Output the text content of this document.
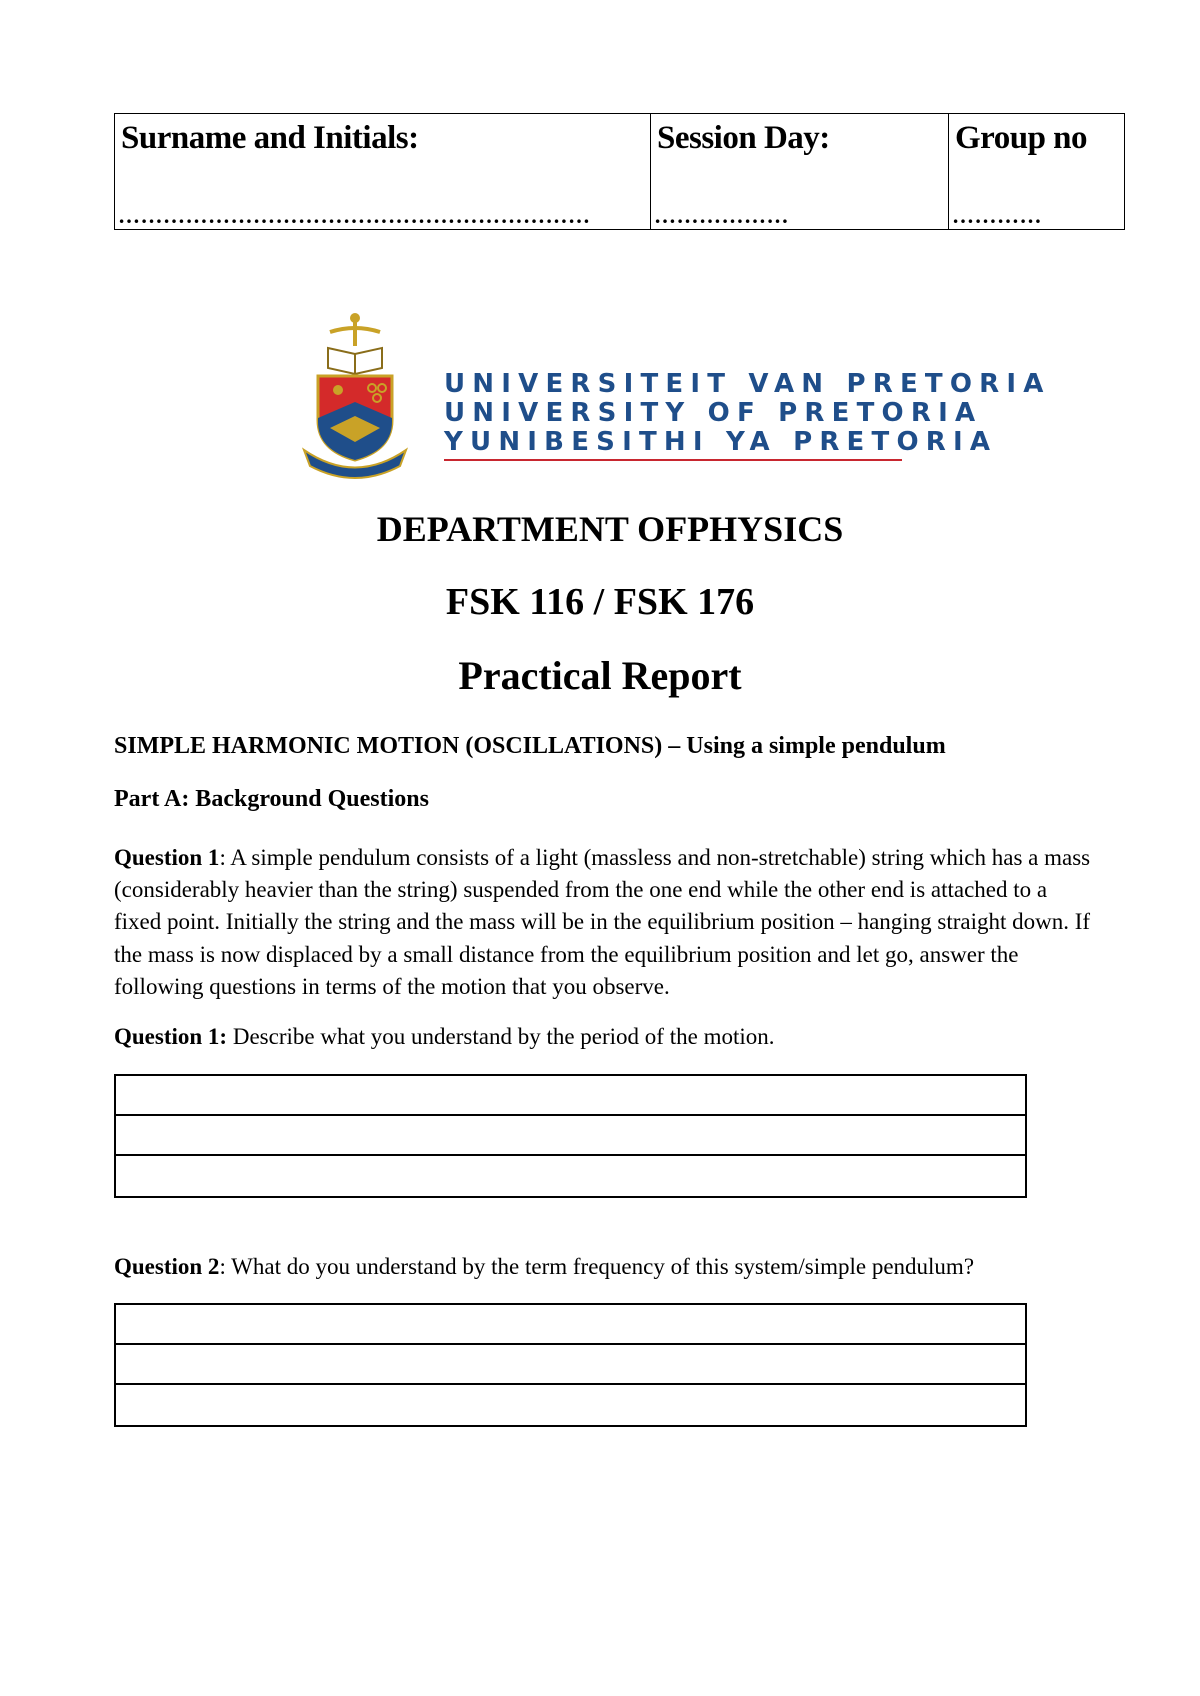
Surname and Initials:
………………………………………………………

Session Day:
………………

Group no
…………
UNIVERSITEIT VAN PRETORIA
UNIVERSITY OF PRETORIA
YUNIBESITHI YA PRETORIA
DEPARTMENT OFPHYSICS
FSK 116 / FSK 176
Practical Report
SIMPLE HARMONIC MOTION (OSCILLATIONS) – Using a simple pendulum
Part A: Background Questions
Question 1: A simple pendulum consists of a light (massless and non-stretchable) string which has a mass (considerably heavier than the string) suspended from the one end while the other end is attached to a fixed point. Initially the string and the mass will be in the equilibrium position – hanging straight down. If the mass is now displaced by a small distance from the equilibrium position and let go, answer the following questions in terms of the motion that you observe.
Question 1: Describe what you understand by the period of the motion.
Question 2: What do you understand by the term frequency of this system/simple pendulum?
